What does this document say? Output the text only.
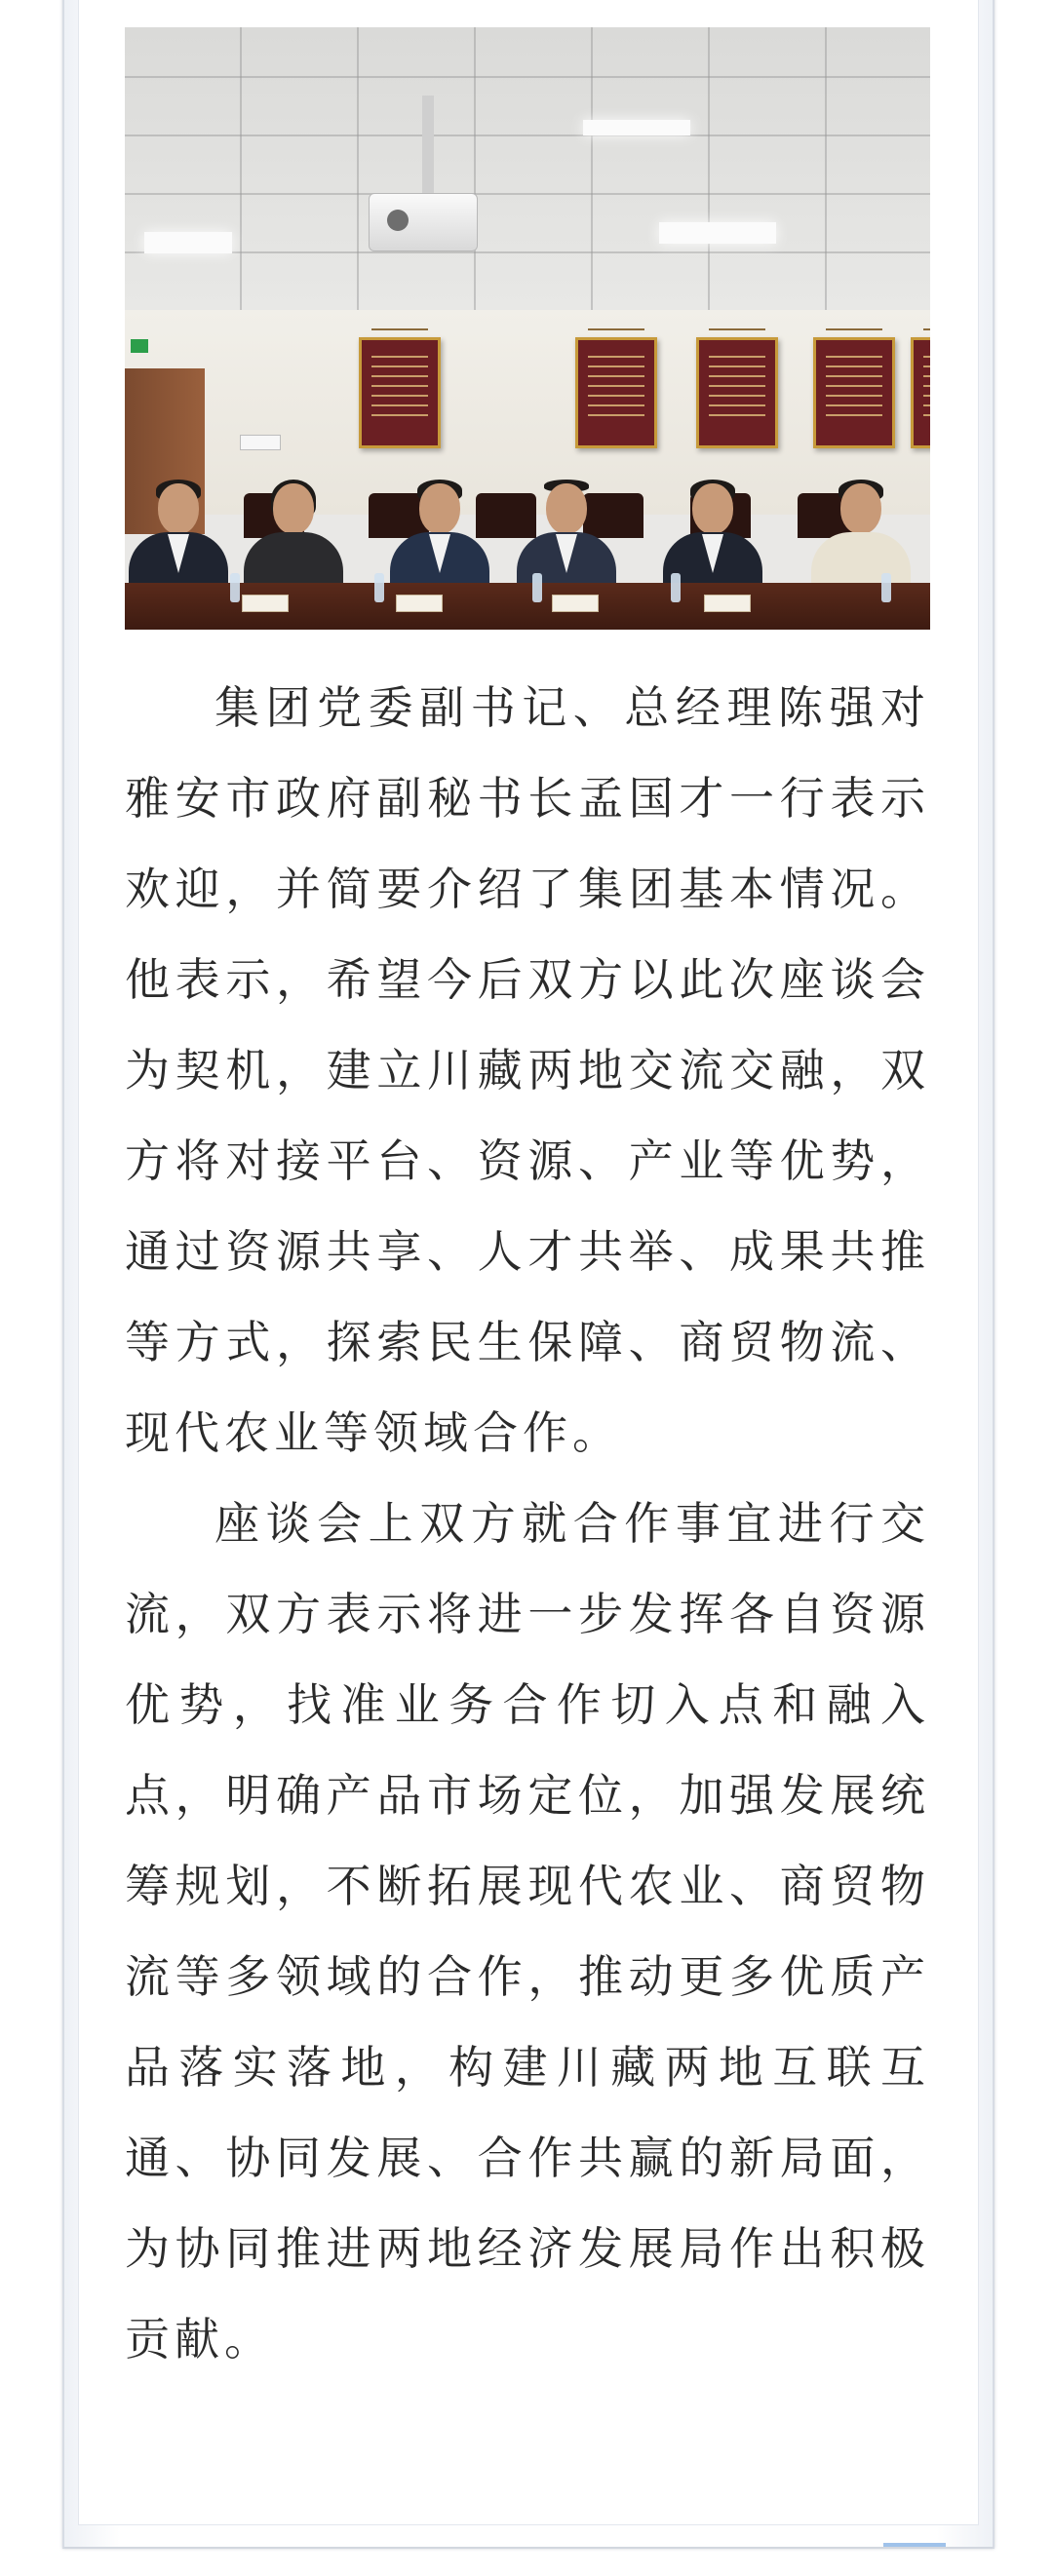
集团党委副书记、总经理陈强对雅安市政府副秘书长孟国才一行表示欢迎，并简要介绍了集团基本情况。他表示，希望今后双方以此次座谈会为契机，建立川藏两地交流交融，双方将对接平台、资源、产业等优势，通过资源共享、人才共举、成果共推等方式，探索民生保障、商贸物流、现代农业等领域合作。

座谈会上双方就合作事宜进行交流，双方表示将进一步发挥各自资源优势，找准业务合作切入点和融入点，明确产品市场定位，加强发展统筹规划，不断拓展现代农业、商贸物流等多领域的合作，推动更多优质产品落实落地，构建川藏两地互联互通、协同发展、合作共赢的新局面，为协同推进两地经济发展局作出积极贡献。
